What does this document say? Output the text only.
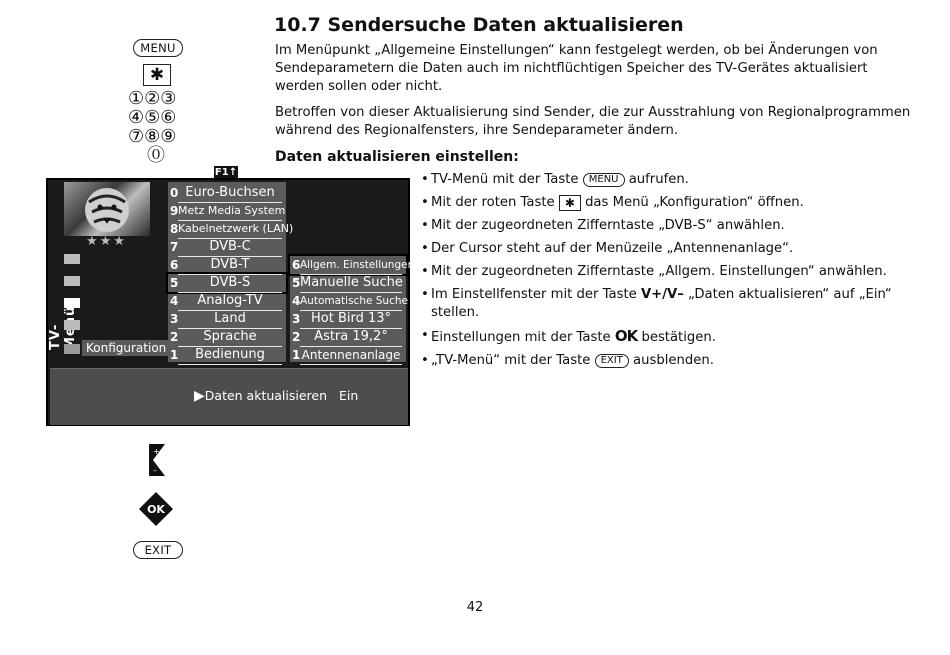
MENU
✱
①②③
④⑤⑥
⑦⑧⑨
⓪
+
–
OK
EXIT
F1↑
★★★
TV-Menü Konfiguration
0 Euro-Buchsen
9 Metz Media System
8 Kabelnetzwerk (LAN)
7	DVB-C
6	DVB-T
5	DVB-S
4	Analog-TV
3	Land
2	Sprache
1	Bedienung
6 Allgem. Einstellungen
5 Manuelle Suche
4 Automatische Suche
3 Hot Bird 13°
2	Astra 19,2°
1 Antennenanlage
▶Daten aktualisieren Ein
10.7 Sendersuche Daten aktualisieren

Im Menüpunkt „Allgemeine Einstellungen“ kann festgelegt werden, ob bei Änderungen von Sendeparametern die Daten auch im nichtflüchtigen Speicher des TV-Gerätes aktualisiert werden sollen oder nicht.

Betroffen von dieser Aktualisierung sind Sender, die zur Ausstrahlung von Regionalprogrammen während des Regionalfensters, ihre Sendeparameter ändern.

Daten aktualisieren einstellen:
• TV-Menü mit der Taste MENU aufrufen.
• Mit der roten Taste ✱ das Menü „Konfiguration“ öffnen.
• Mit der zugeordneten Zifferntaste „DVB-S“ anwählen.
• Der Cursor steht auf der Menüzeile „Antennenanlage“.
• Mit der zugeordneten Zifferntaste „Allgem. Einstellungen“ anwählen.
• Im Einstellfenster mit der Taste V+/V– „Daten aktualisieren“ auf „Ein“ stellen.
• Einstellungen mit der Taste OK bestätigen.
• „TV-Menü“ mit der Taste EXIT ausblenden.
42
